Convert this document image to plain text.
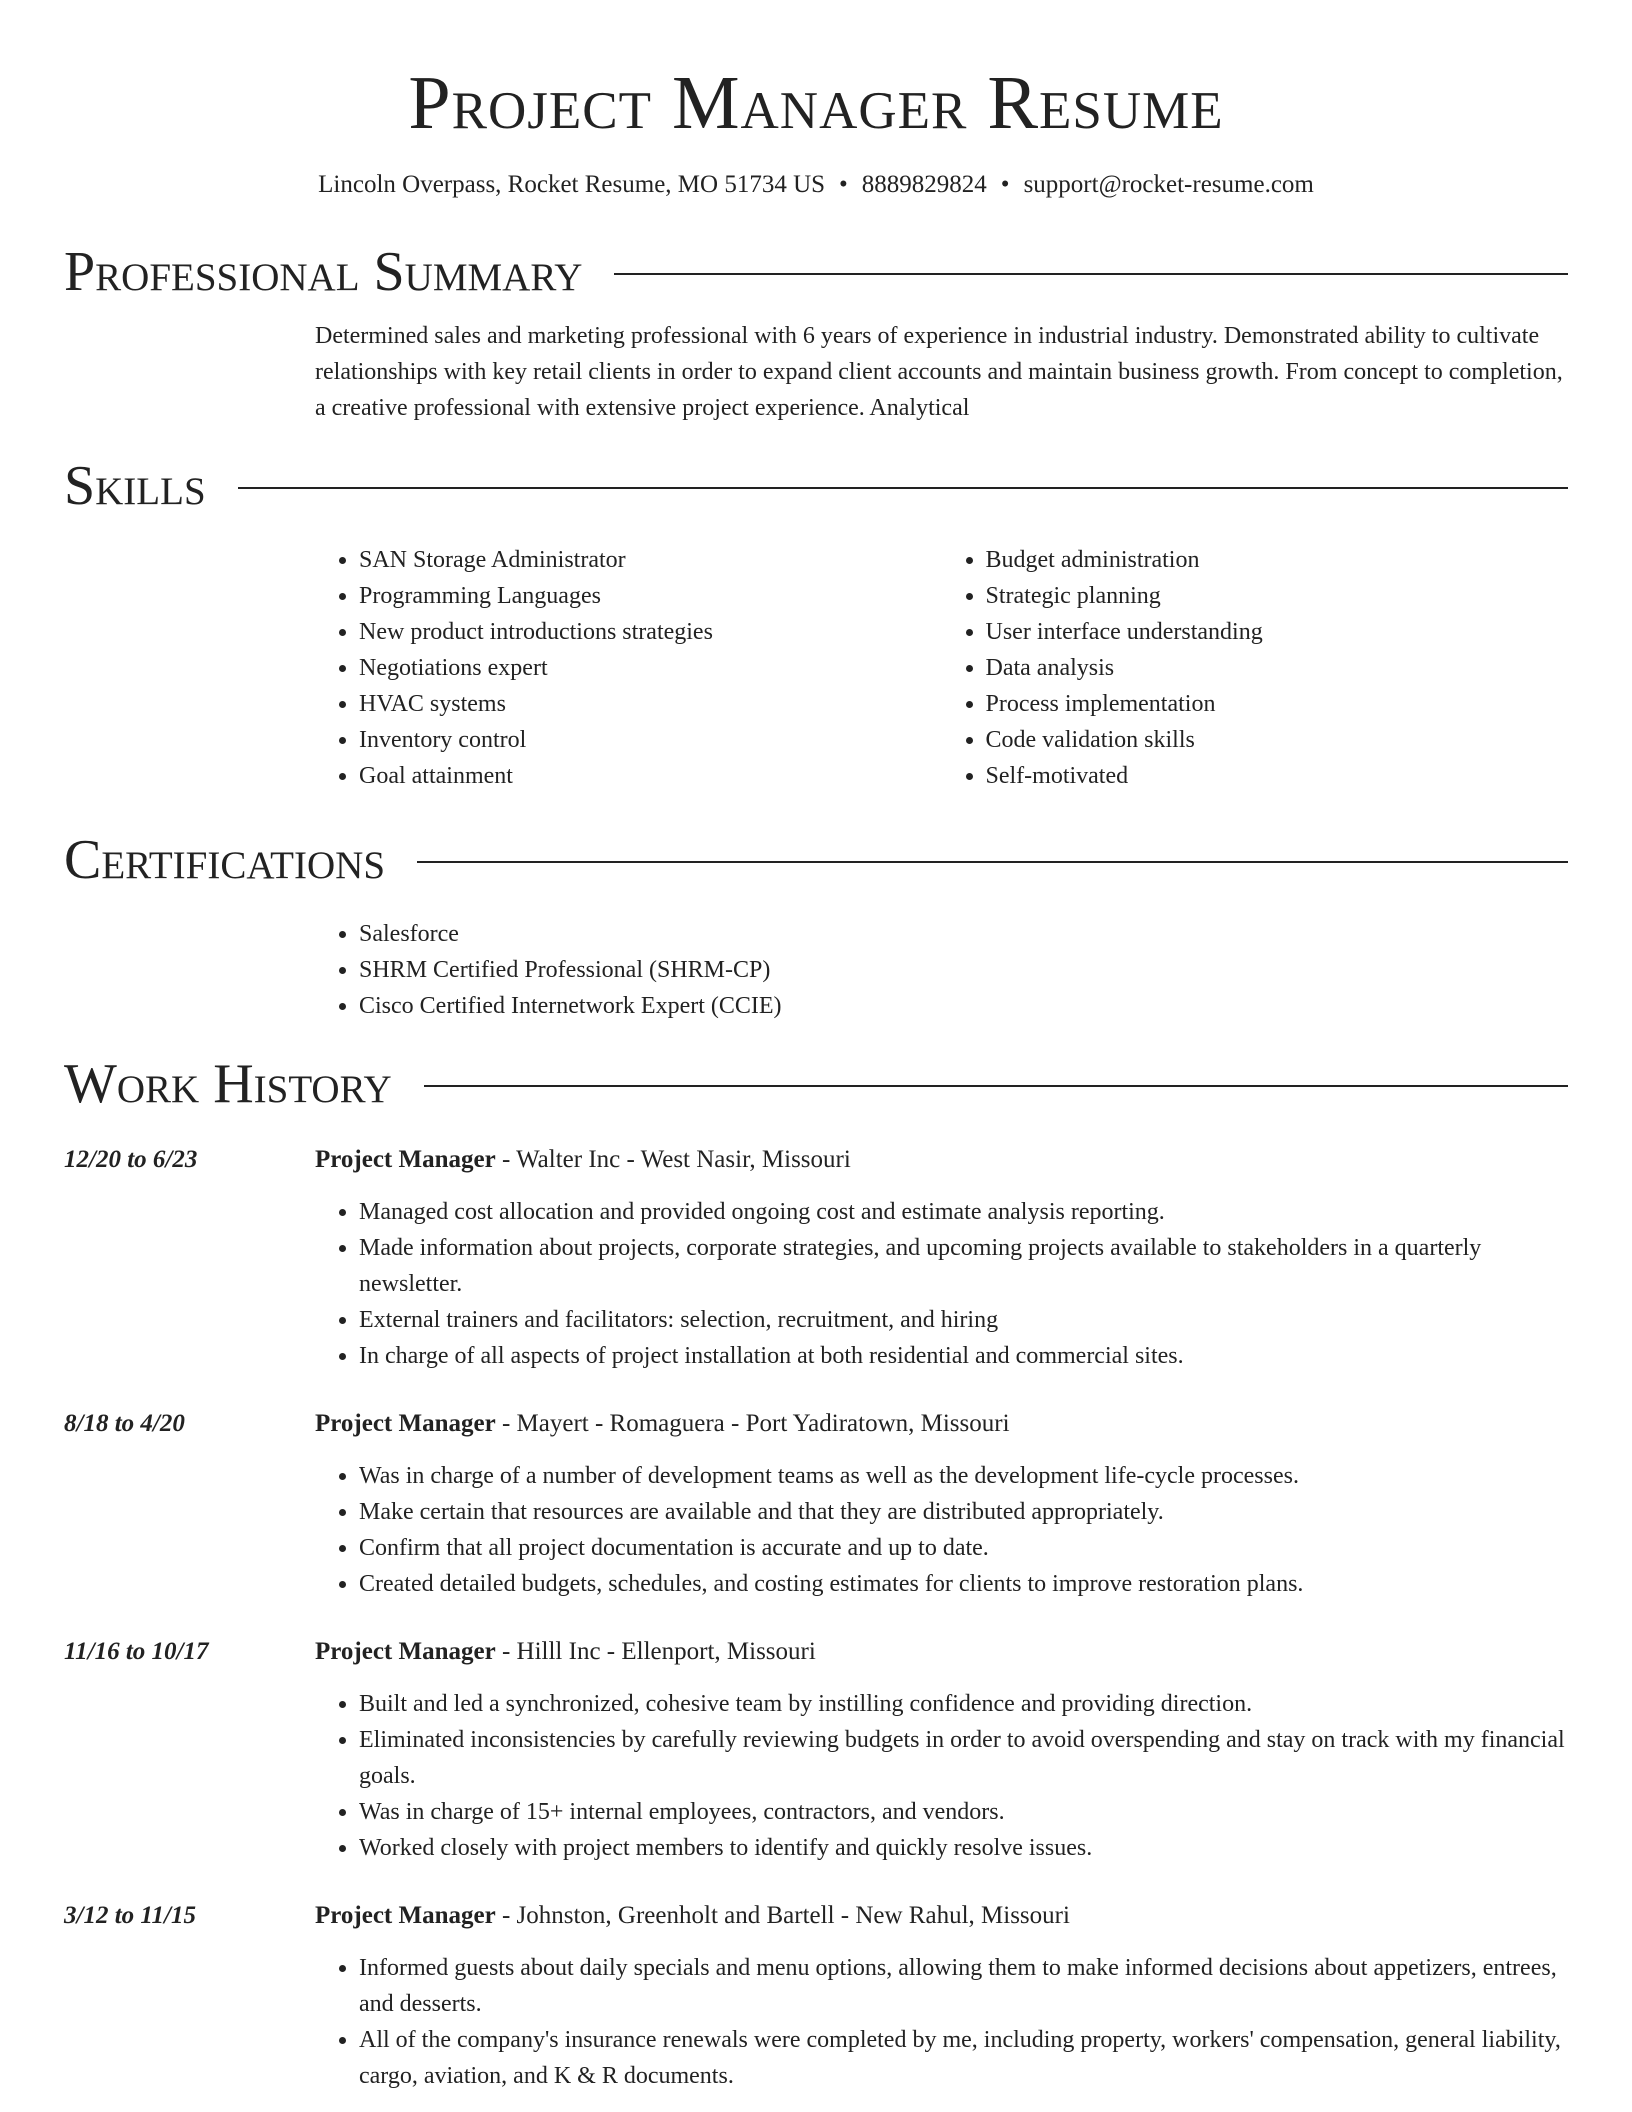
Project Manager Resume
Lincoln Overpass, Rocket Resume, MO 51734 US • 8889829824 • support@rocket-resume.com
Professional Summary

Determined sales and marketing professional with 6 years of experience in industrial industry. Demonstrated ability to cultivate relationships with key retail clients in order to expand client accounts and maintain business growth. From concept to completion, a creative professional with extensive project experience. Analytical

Skills
• SAN Storage Administrator
• Programming Languages
• New product introductions strategies
• Negotiations expert
• HVAC systems
• Inventory control
• Goal attainment
• Budget administration
• Strategic planning
• User interface understanding
• Data analysis
• Process implementation
• Code validation skills
• Self-motivated
Certifications
• Salesforce
• SHRM Certified Professional (SHRM-CP)
• Cisco Certified Internetwork Expert (CCIE)
Work History
12/20 to 6/23	Project Manager - Walter Inc - West Nasir, Missouri
• Managed cost allocation and provided ongoing cost and estimate analysis reporting.
• Made information about projects, corporate strategies, and upcoming projects available to stakeholders in a quarterly newsletter.
• External trainers and facilitators: selection, recruitment, and hiring
• In charge of all aspects of project installation at both residential and commercial sites.
8/18 to 4/20	Project Manager - Mayert - Romaguera - Port Yadiratown, Missouri
• Was in charge of a number of development teams as well as the development life-cycle processes.
• Make certain that resources are available and that they are distributed appropriately.
• Confirm that all project documentation is accurate and up to date.
• Created detailed budgets, schedules, and costing estimates for clients to improve restoration plans.
11/16 to 10/17	Project Manager - Hilll Inc - Ellenport, Missouri
• Built and led a synchronized, cohesive team by instilling confidence and providing direction.
• Eliminated inconsistencies by carefully reviewing budgets in order to avoid overspending and stay on track with my financial goals.
• Was in charge of 15+ internal employees, contractors, and vendors.
• Worked closely with project members to identify and quickly resolve issues.
3/12 to 11/15	Project Manager - Johnston, Greenholt and Bartell - New Rahul, Missouri
• Informed guests about daily specials and menu options, allowing them to make informed decisions about appetizers, entrees, and desserts.
• All of the company's insurance renewals were completed by me, including property, workers' compensation, general liability, cargo, aviation, and K & R documents.
